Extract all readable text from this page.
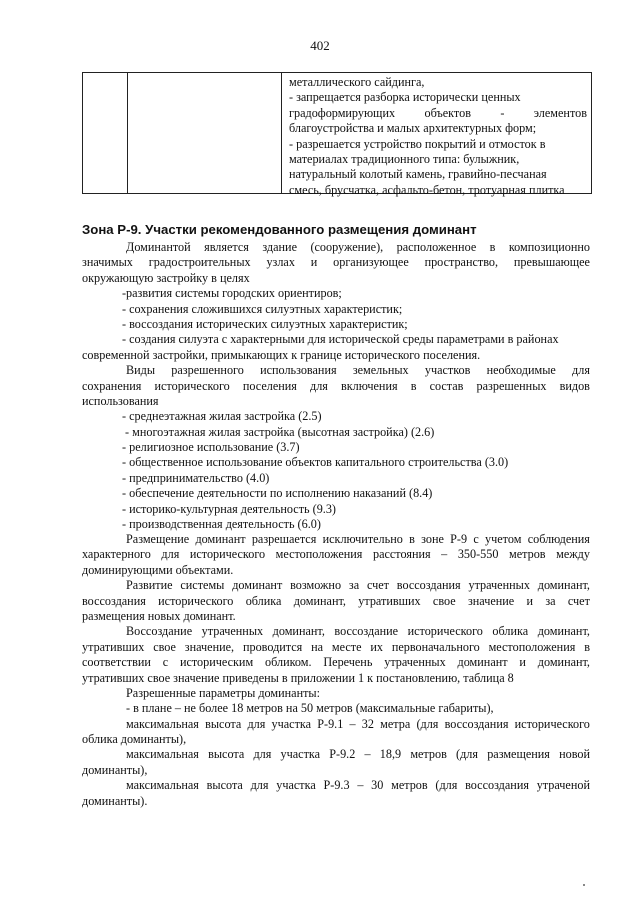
402
металлического сайдинга,
- запрещается разборка исторически ценных
градоформирующих объектов - элементов
благоустройства и малых архитектурных форм;
- разрешается устройство покрытий и отмосток в
материалах традиционного типа: булыжник,
натуральный колотый камень, гравийно-песчаная
смесь, брусчатка, асфальто-бетон, тротуарная плитка
Зона Р-9. Участки рекомендованного размещения доминант
Доминантой является здание (сооружение), расположенное в композиционно
значимых градостроительных узлах и организующее пространство, превышающее
окружающую застройку в целях
-развития системы городских ориентиров;
- сохранения сложившихся силуэтных характеристик;
- воссоздания исторических силуэтных характеристик;
- создания силуэта с характерными для исторической среды параметрами в районах
современной застройки, примыкающих к границе исторического поселения.
Виды разрешенного использования земельных участков необходимые для
сохранения исторического поселения для включения в состав разрешенных видов
использования
- среднеэтажная жилая застройка (2.5)
- многоэтажная жилая застройка (высотная застройка) (2.6)
- религиозное использование (3.7)
- общественное использование объектов капитального строительства (3.0)
- предпринимательство (4.0)
- обеспечение деятельности по исполнению наказаний (8.4)
- историко-культурная деятельность (9.3)
- производственная деятельность (6.0)
Размещение доминант разрешается исключительно в зоне Р-9 с учетом соблюдения
характерного для исторического местоположения расстояния – 350-550 метров между
доминирующими объектами.
Развитие системы доминант возможно за счет воссоздания утраченных доминант,
воссоздания исторического облика доминант, утративших свое значение и за счет
размещения новых доминант.
Воссоздание утраченных доминант, воссоздание исторического облика доминант,
утративших свое значение, проводится на месте их первоначального местоположения в
соответствии с историческим обликом. Перечень утраченных доминант и доминант,
утративших свое значение приведены в приложении 1 к постановлению, таблица 8
Разрешенные параметры доминанты:
- в плане – не более 18 метров на 50 метров (максимальные габариты),
максимальная высота для участка Р-9.1 – 32 метра (для воссоздания исторического
облика доминанты),
максимальная высота для участка Р-9.2 – 18,9 метров (для размещения новой
доминанты),
максимальная высота для участка Р-9.3 – 30 метров (для воссоздания утраченой
доминанты).
